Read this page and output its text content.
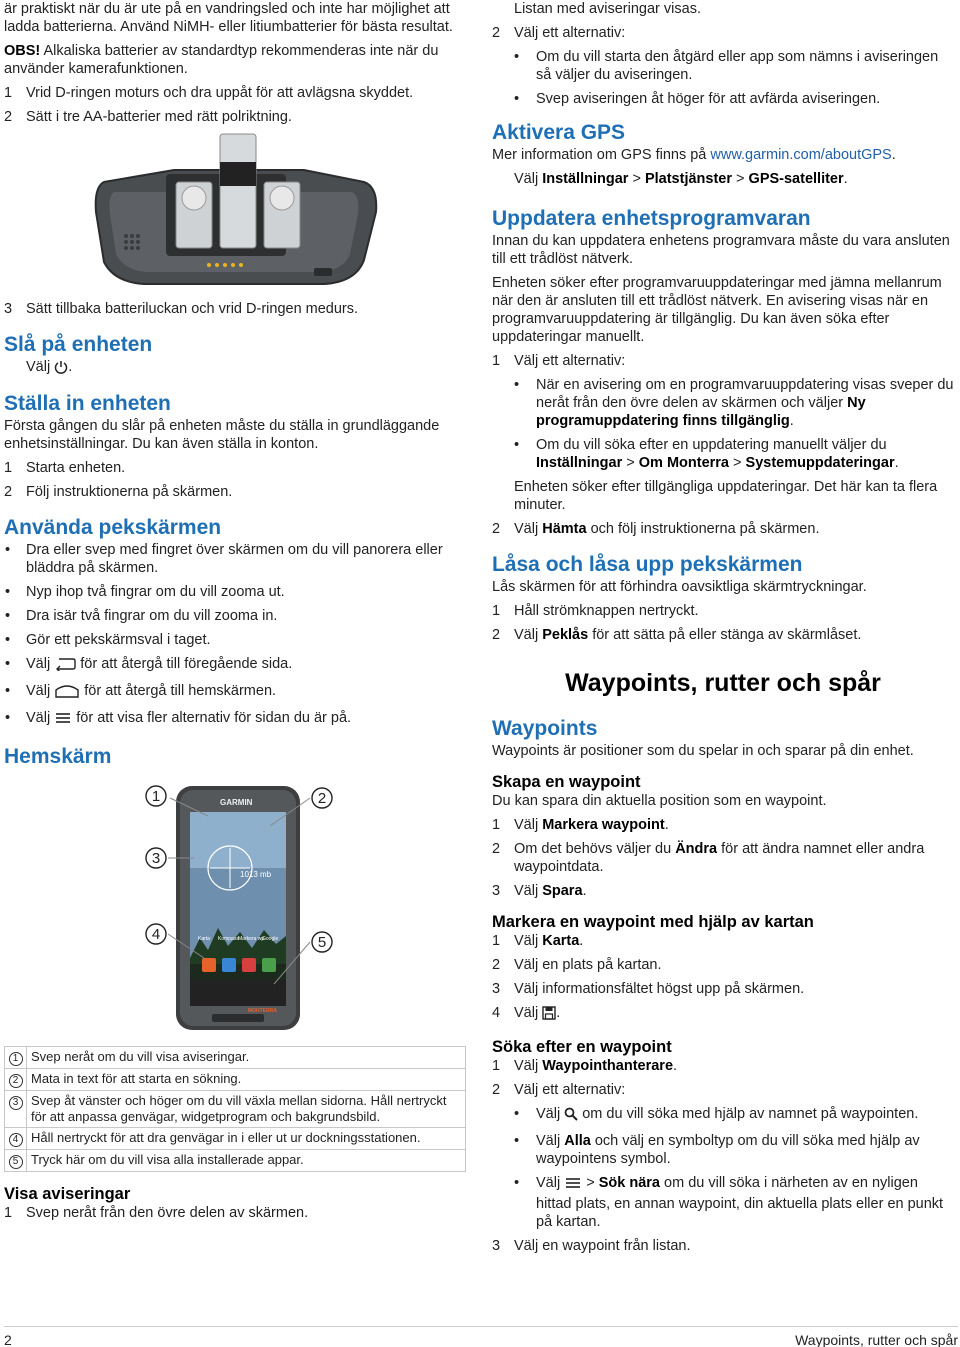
är praktiskt när du är ute på en vandringsled och inte har möjlighet att ladda batterierna. Använd NiMH- eller litiumbatterier för bästa resultat.

OBS! Alkaliska batterier av standardtyp rekommenderas inte när du använder kamerafunktionen.

1 Vrid D-ringen moturs och dra uppåt för att avlägsna skyddet.
2 Sätt i tre AA-batterier med rätt polriktning.
3 Sätt tillbaka batteriluckan och vrid D-ringen medurs.

Slå på enheten

Välj .

Ställa in enheten

Första gången du slår på enheten måste du ställa in grundläggande enhetsinställningar. Du kan även ställa in konton.

1 Starta enheten.
2 Följ instruktionerna på skärmen.

Använda pekskärmen

•	Dra eller svep med fingret över skärmen om du vill panorera eller bläddra på skärmen.
•	Nyp ihop två fingrar om du vill zooma ut.
•	Dra isär två fingrar om du vill zooma in.
•	Gör ett pekskärmsval i taget.
•	Välj  för att återgå till föregående sida.
•	Välj  för att återgå till hemskärmen.
•	Välj  för att visa fler alternativ för sidan du är på.

Hemskärm

1	2
3
4	5
GARMIN
1013 mb
Karta Kompass Markera wp
Google
MONTERRA
1	Svep neråt om du vill visa aviseringar.
2	Mata in text för att starta en sökning.
3	Svep åt vänster och höger om du vill växla mellan sidorna. Håll nertryckt för att anpassa genvägar, widgetprogram och bakgrundsbild.
4	Håll nertryckt för att dra genvägar in i eller ut ur dockningsstationen.
5	Tryck här om du vill visa alla installerade appar.

Visa aviseringar

1 Svep neråt från den övre delen av skärmen.

Listan med aviseringar visas.

2 Välj ett alternativ:
•	Om du vill starta den åtgärd eller app som nämns i aviseringen så väljer du aviseringen.
•	Svep aviseringen åt höger för att avfärda aviseringen.

Aktivera GPS

Mer information om GPS finns på www.garmin.com/aboutGPS.

Välj Inställningar > Platstjänster > GPS-satelliter.

Uppdatera enhetsprogramvaran

Innan du kan uppdatera enhetens programvara måste du vara ansluten till ett trådlöst nätverk.

Enheten söker efter programvaruuppdateringar med jämna mellanrum när den är ansluten till ett trådlöst nätverk. En avisering visas när en programvaruuppdatering är tillgänglig. Du kan även söka efter uppdateringar manuellt.

1 Välj ett alternativ:
•	När en avisering om en programvaruuppdatering visas sveper du neråt från den övre delen av skärmen och väljer Ny programuppdatering finns tillgänglig.
•	Om du vill söka efter en uppdatering manuellt väljer du Inställningar > Om Monterra > Systemuppdateringar.

Enheten söker efter tillgängliga uppdateringar. Det här kan ta flera minuter.

2 Välj Hämta och följ instruktionerna på skärmen.

Låsa och låsa upp pekskärmen

Lås skärmen för att förhindra oavsiktliga skärmtryckningar.

1 Håll strömknappen nertryckt.
2 Välj Peklås för att sätta på eller stänga av skärmlåset.

Waypoints, rutter och spår

Waypoints

Waypoints är positioner som du spelar in och sparar på din enhet.

Skapa en waypoint

Du kan spara din aktuella position som en waypoint.

1 Välj Markera waypoint.
2 Om det behövs väljer du Ändra för att ändra namnet eller andra waypointdata.
3 Välj Spara.

Markera en waypoint med hjälp av kartan

1 Välj Karta.
2 Välj en plats på kartan.
3 Välj informationsfältet högst upp på skärmen.
4 Välj .

Söka efter en waypoint

1 Välj Waypointhanterare.
2 Välj ett alternativ:
•	Välj  om du vill söka med hjälp av namnet på waypointen.
•	Välj Alla och välj en symboltyp om du vill söka med hjälp av waypointens symbol.
•	Välj  > Sök nära om du vill söka i närheten av en nyligen hittad plats, en annan waypoint, din aktuella plats eller en punkt på kartan.
3 Välj en waypoint från listan.
2	Waypoints, rutter och spår
